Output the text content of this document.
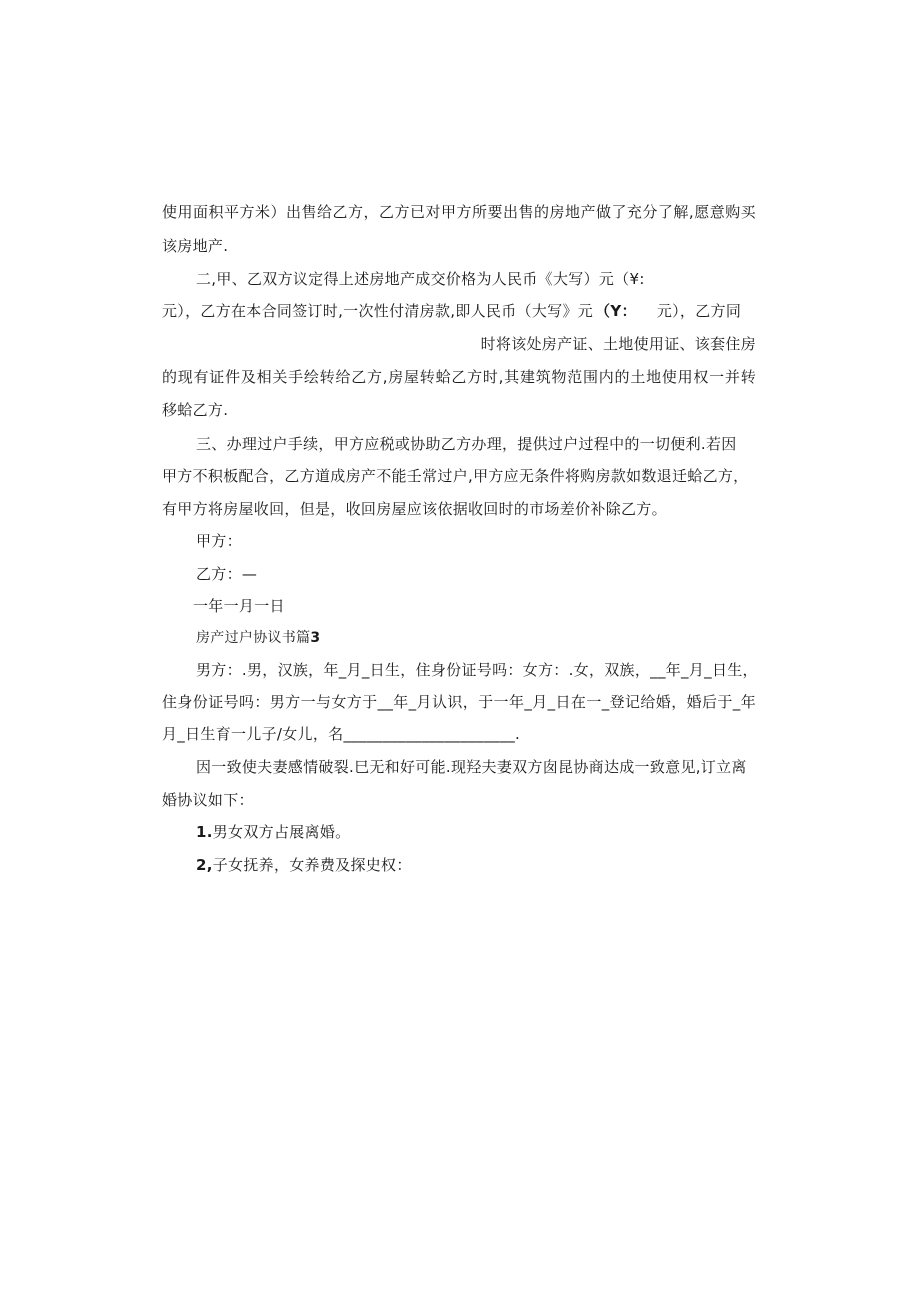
使用面积平方米）出售给乙方，乙方已对甲方所要出售的房地产做了充分了解,愿意购买
该房地产.
二,甲、乙双方议定得上述房地产成交价格为人民币《大写）元（¥:
元），乙方在本合同签订时,一次性付清房款,即人民币（大写》元 （Y： 元），乙方同
时将该处房产证、土地使用证、该套住房
的现有证件及相关手绘转给乙方,房屋转蛤乙方时,其建筑物范围内的土地使用权一并转
移蛤乙方.
三、办理过户手续，甲方应税或协助乙方办理，提供过户过程中的一切便利.若因
甲方不积板配合，乙方道成房产不能壬常过户,甲方应无条件将购房款如数退迁蛤乙方，
有甲方将房屋收回，但是，收回房屋应该依据收回时的市场差价补除乙方。
甲方：
乙方：—
一年一月一日
房产过户协议书篇3
男方：.男，汉族，年_月_日生，住身份证号吗：女方：.女，双族，__年_月_日生，
住身份证号吗：男方一与女方于__年_月认识，于一年_月_日在一_登记给婚，婚后于_年
月_日生育一儿子/女儿，名______________________.
因一致使夫妻感情破裂.巳无和好可能.现羟夫妻双方囱昆协商达成一致意见,订立离
婚协议如下：
1.男女双方占展离婚。
2,子女抚养，女养费及探史权：
